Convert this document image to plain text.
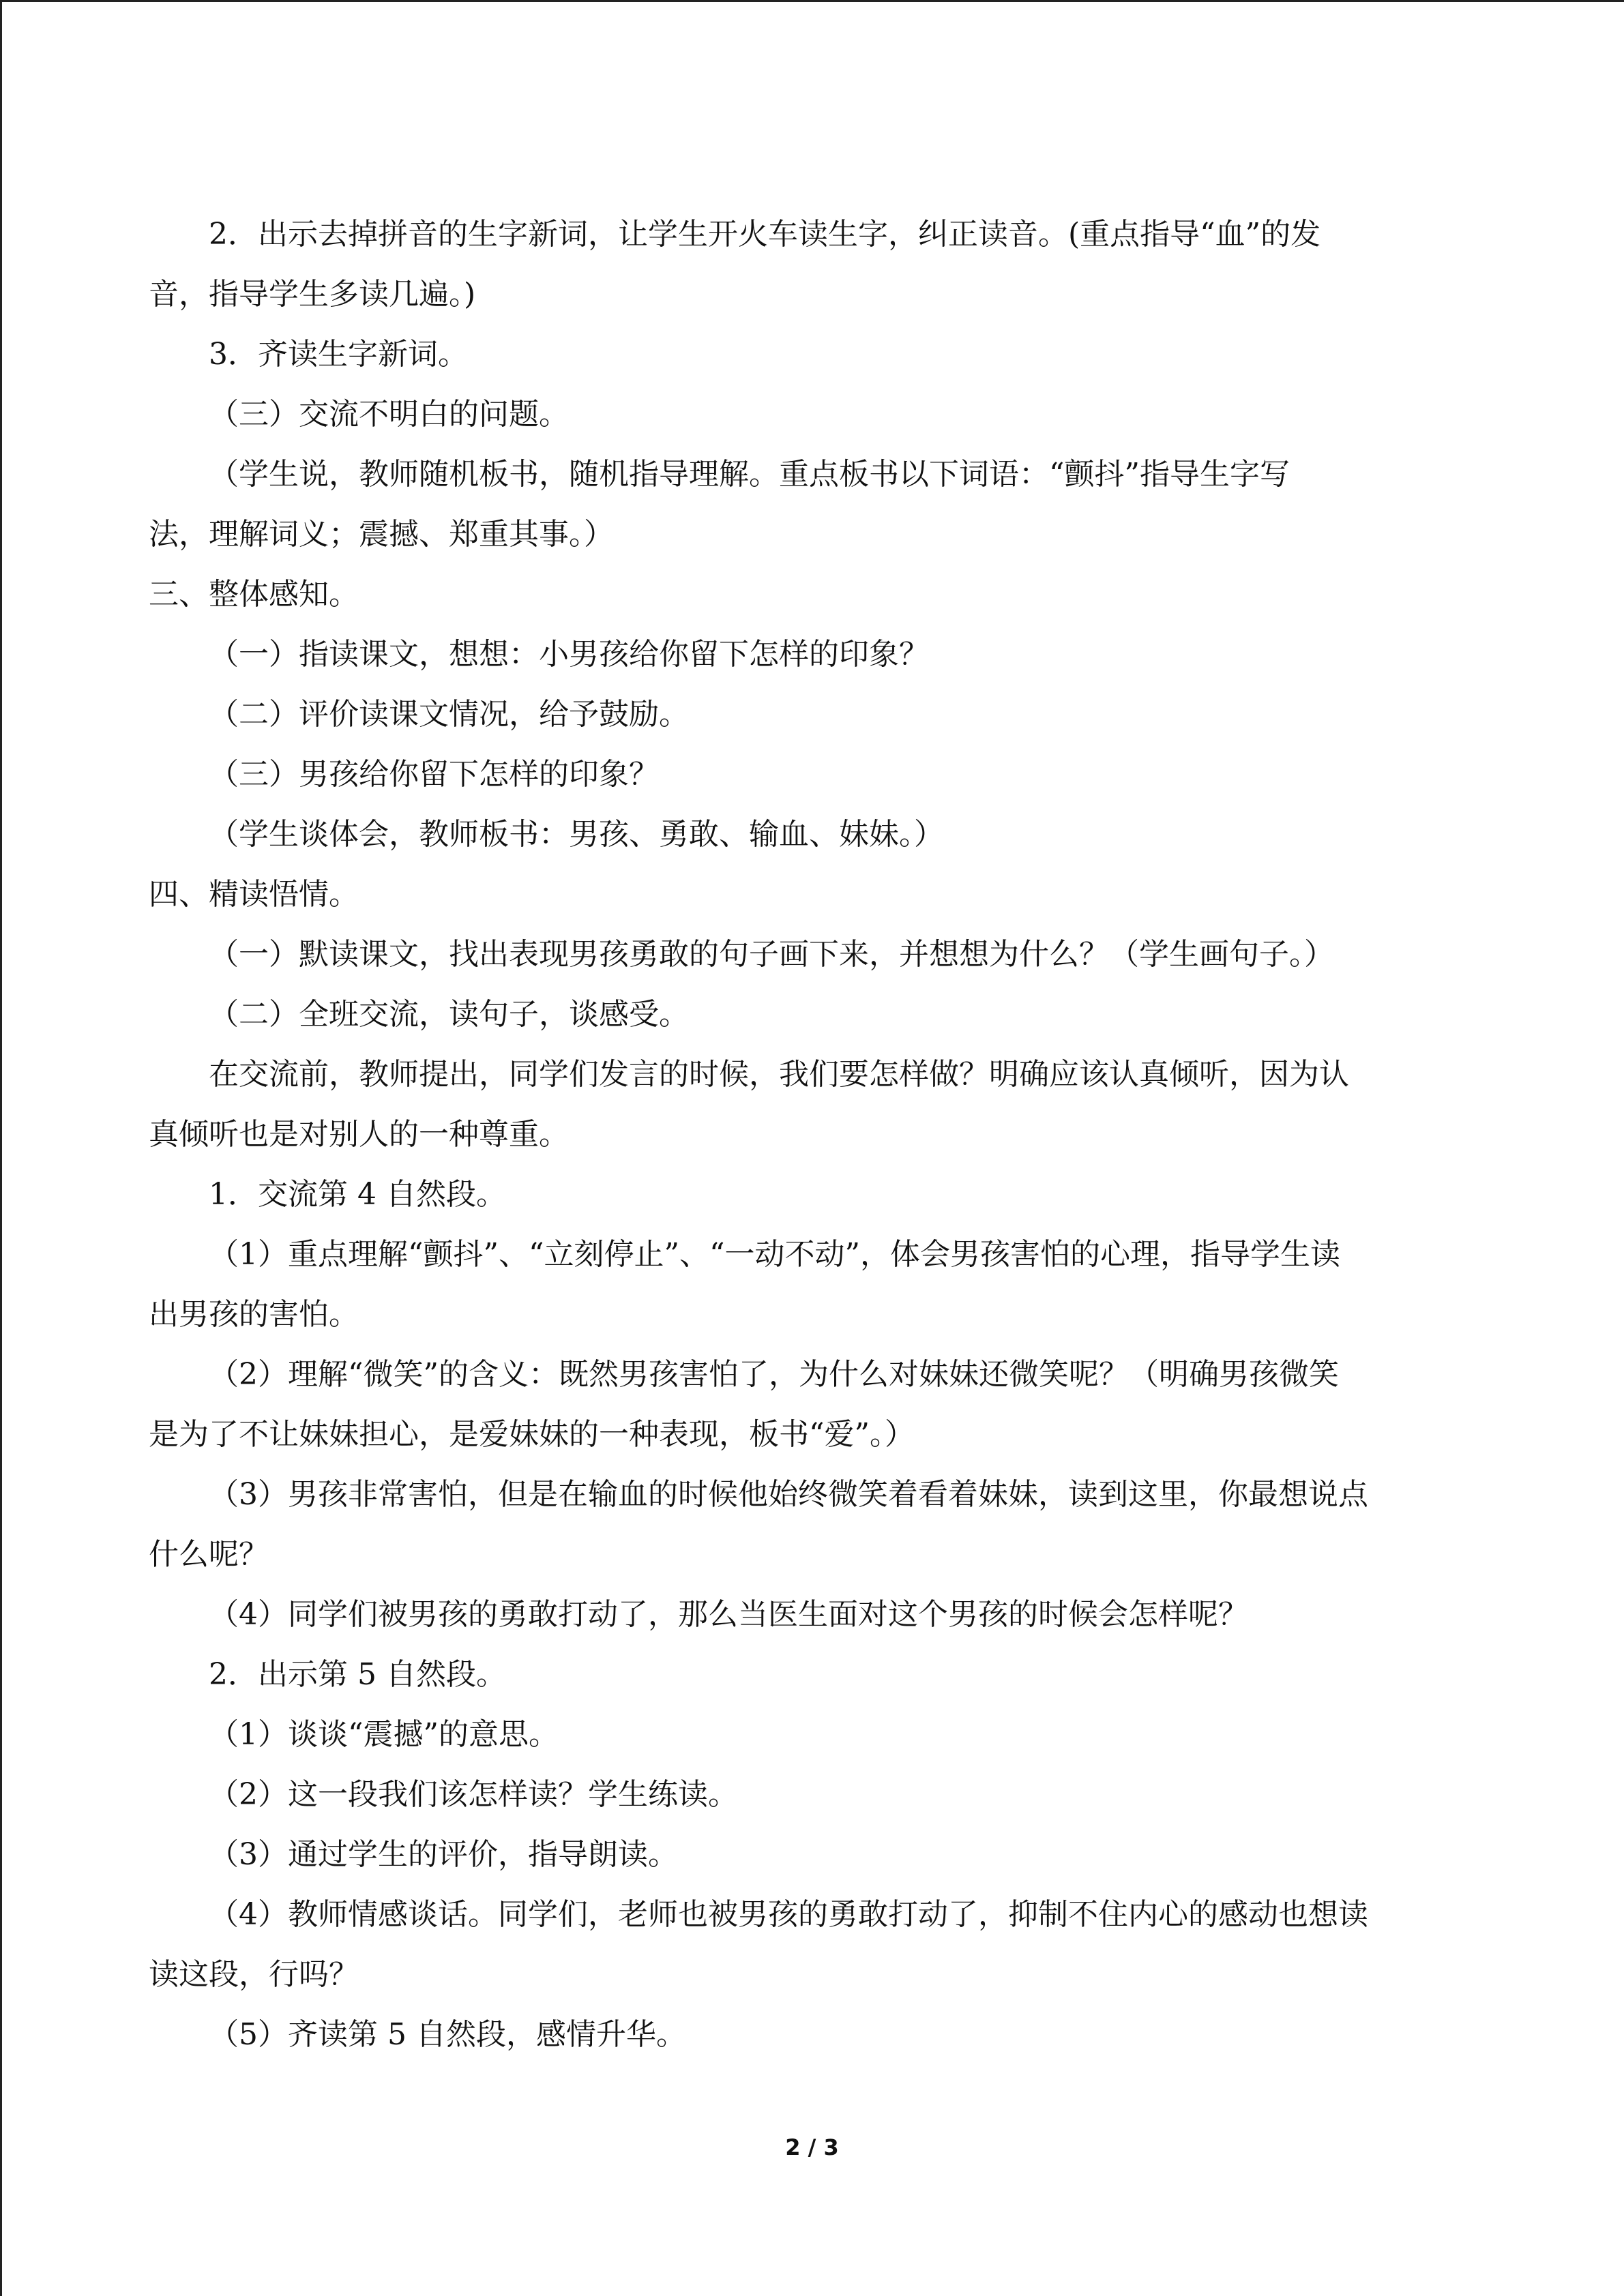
2．出示去掉拼音的生字新词，让学生开火车读生字，纠正读音。(重点指导“血”的发
音，指导学生多读几遍。)
3．齐读生字新词。
（三）交流不明白的问题。
（学生说，教师随机板书，随机指导理解。重点板书以下词语：“颤抖”指导生字写
法，理解词义；震撼、郑重其事。）
三、整体感知。
（一）指读课文，想想：小男孩给你留下怎样的印象？
（二）评价读课文情况，给予鼓励。
（三）男孩给你留下怎样的印象？
（学生谈体会，教师板书：男孩、勇敢、输血、妹妹。）
四、精读悟情。
（一）默读课文，找出表现男孩勇敢的句子画下来，并想想为什么？（学生画句子。）
（二）全班交流，读句子，谈感受。
在交流前，教师提出，同学们发言的时候，我们要怎样做？明确应该认真倾听，因为认
真倾听也是对别人的一种尊重。
1．交流第 4 自然段。
（1）重点理解“颤抖”、“立刻停止”、“一动不动”，体会男孩害怕的心理，指导学生读
出男孩的害怕。
（2）理解“微笑”的含义：既然男孩害怕了，为什么对妹妹还微笑呢？（明确男孩微笑
是为了不让妹妹担心，是爱妹妹的一种表现，板书“爱”。）
（3）男孩非常害怕，但是在输血的时候他始终微笑着看着妹妹，读到这里，你最想说点
什么呢？
（4）同学们被男孩的勇敢打动了，那么当医生面对这个男孩的时候会怎样呢？
2．出示第 5 自然段。
（1）谈谈“震撼”的意思。
（2）这一段我们该怎样读？学生练读。
（3）通过学生的评价，指导朗读。
（4）教师情感谈话。同学们，老师也被男孩的勇敢打动了，抑制不住内心的感动也想读
读这段，行吗？
（5）齐读第 5 自然段，感情升华。
2 / 3
